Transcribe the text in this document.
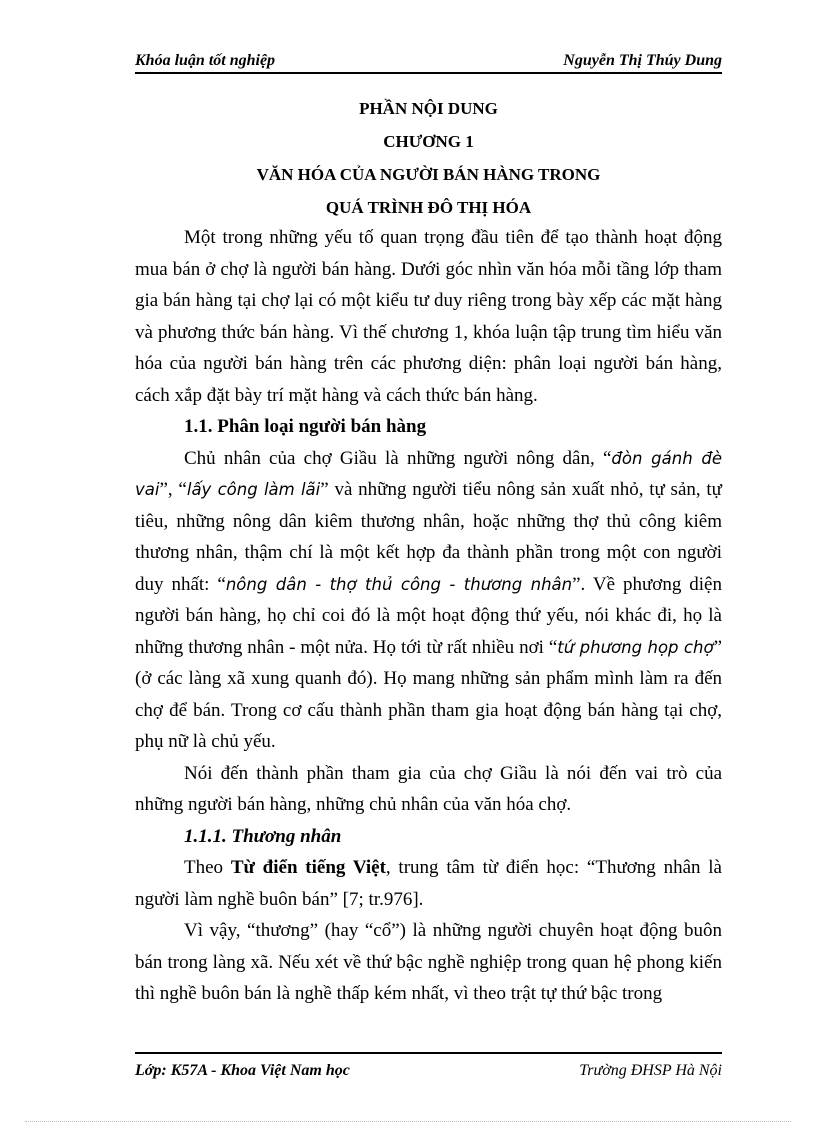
Khóa luận tốt nghiệp	Nguyễn Thị Thúy Dung
PHẦN NỘI DUNG
CHƯƠNG 1
VĂN HÓA CỦA NGƯỜI BÁN HÀNG TRONG
QUÁ TRÌNH ĐÔ THỊ HÓA

Một trong những yếu tố quan trọng đầu tiên để tạo thành hoạt động mua bán ở chợ là người bán hàng. Dưới góc nhìn văn hóa mỗi tầng lớp tham gia bán hàng tại chợ lại có một kiểu tư duy riêng trong bày xếp các mặt hàng và phương thức bán hàng. Vì thế chương 1, khóa luận tập trung tìm hiểu văn hóa của người bán hàng trên các phương diện: phân loại người bán hàng, cách xắp đặt bày trí mặt hàng và cách thức bán hàng.

1.1. Phân loại người bán hàng

Chủ nhân của chợ Giầu là những người nông dân, “đòn gánh đè vai”, “lấy công làm lãi” và những người tiểu nông sản xuất nhỏ, tự sản, tự tiêu, những nông dân kiêm thương nhân, hoặc những thợ thủ công kiêm thương nhân, thậm chí là một kết hợp đa thành phần trong một con người duy nhất: “nông dân - thợ thủ công - thương nhân”. Về phương diện người bán hàng, họ chỉ coi đó là một hoạt động thứ yếu, nói khác đi, họ là những thương nhân - một nửa. Họ tới từ rất nhiều nơi “tứ phương họp chợ” (ở các làng xã xung quanh đó). Họ mang những sản phẩm mình làm ra đến chợ để bán. Trong cơ cấu thành phần tham gia hoạt động bán hàng tại chợ, phụ nữ là chủ yếu.

Nói đến thành phần tham gia của chợ Giầu là nói đến vai trò của những người bán hàng, những chủ nhân của văn hóa chợ.

1.1.1. Thương nhân

Theo Từ điển tiếng Việt, trung tâm từ điển học: “Thương nhân là người làm nghề buôn bán” [7; tr.976].

Vì vậy, “thương” (hay “cổ”) là những người chuyên hoạt động buôn bán trong làng xã. Nếu xét về thứ bậc nghề nghiệp trong quan hệ phong kiến thì nghề buôn bán là nghề thấp kém nhất, vì theo trật tự thứ bậc trong

Lớp: K57A - Khoa Việt Nam học	Trường ĐHSP Hà Nội
